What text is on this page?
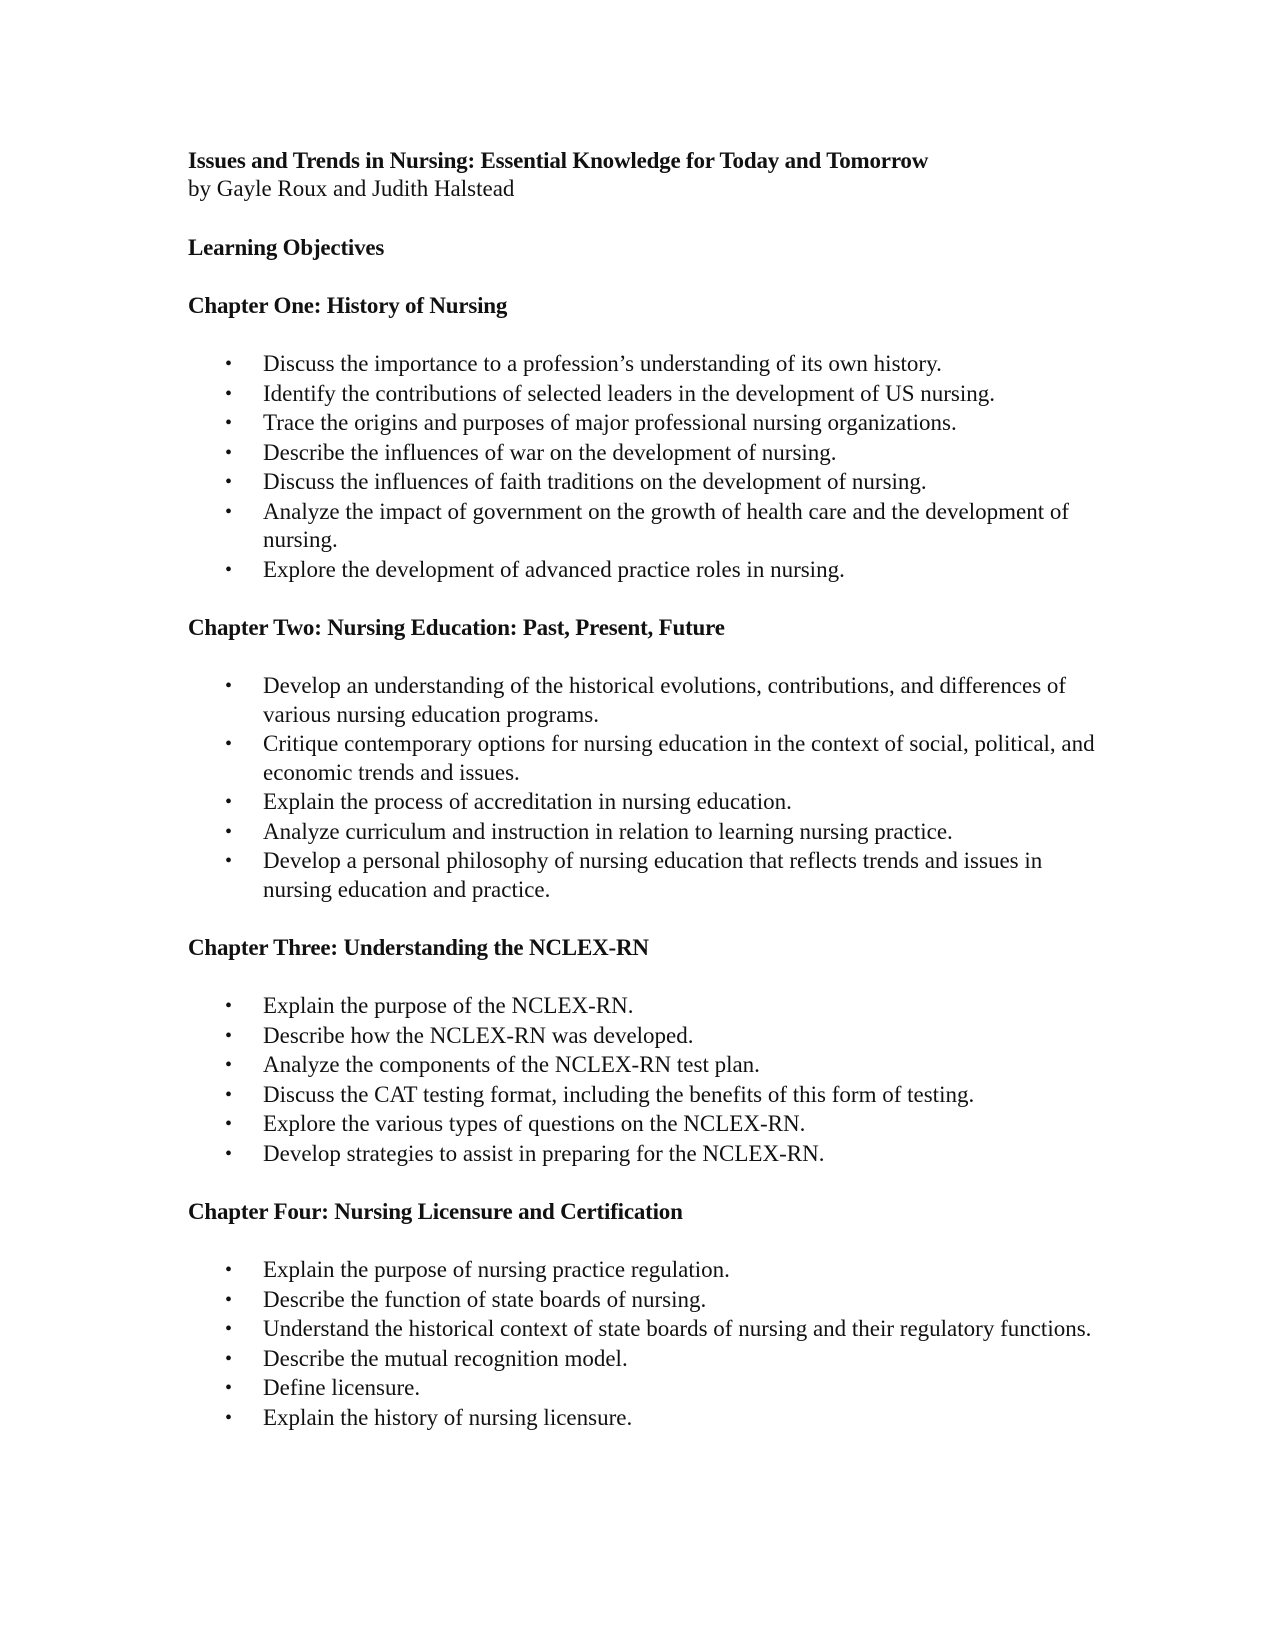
Issues and Trends in Nursing: Essential Knowledge for Today and Tomorrow

by Gayle Roux and Judith Halstead

Learning Objectives

Chapter One: History of Nursing

• Discuss the importance to a profession’s understanding of its own history.
• Identify the contributions of selected leaders in the development of US nursing.
• Trace the origins and purposes of major professional nursing organizations.
• Describe the influences of war on the development of nursing.
• Discuss the influences of faith traditions on the development of nursing.
• Analyze the impact of government on the growth of health care and the development of nursing.
• Explore the development of advanced practice roles in nursing.

Chapter Two: Nursing Education: Past, Present, Future

• Develop an understanding of the historical evolutions, contributions, and differences of various nursing education programs.
• Critique contemporary options for nursing education in the context of social, political, and economic trends and issues.
• Explain the process of accreditation in nursing education.
• Analyze curriculum and instruction in relation to learning nursing practice.
• Develop a personal philosophy of nursing education that reflects trends and issues in nursing education and practice.

Chapter Three: Understanding the NCLEX-RN

• Explain the purpose of the NCLEX-RN.
• Describe how the NCLEX-RN was developed.
• Analyze the components of the NCLEX-RN test plan.
• Discuss the CAT testing format, including the benefits of this form of testing.
• Explore the various types of questions on the NCLEX-RN.
• Develop strategies to assist in preparing for the NCLEX-RN.

Chapter Four: Nursing Licensure and Certification

• Explain the purpose of nursing practice regulation.
• Describe the function of state boards of nursing.
• Understand the historical context of state boards of nursing and their regulatory functions.
• Describe the mutual recognition model.
• Define licensure.
• Explain the history of nursing licensure.
